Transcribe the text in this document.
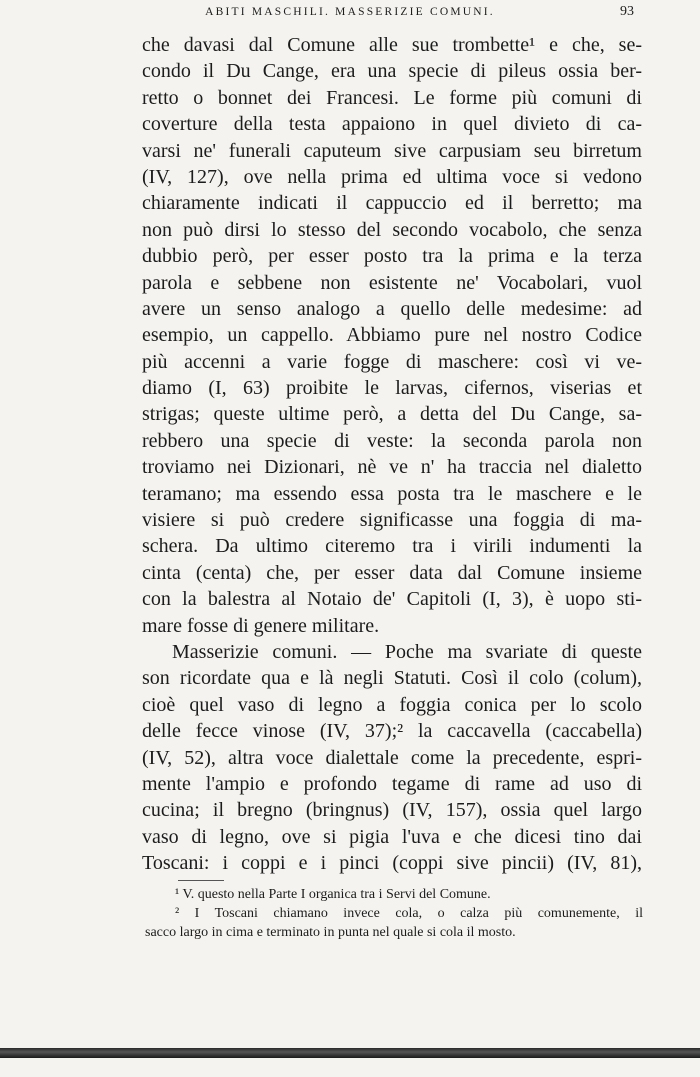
ABITI MASCHILI. MASSERIZIE COMUNI.	93
che davasi dal Comune alle sue trombette¹ e che, se-
condo il Du Cange, era una specie di pileus ossia ber-
retto o bonnet dei Francesi. Le forme più comuni di
coverture della testa appaiono in quel divieto di ca-
varsi ne' funerali caputeum sive carpusiam seu birretum
(IV, 127), ove nella prima ed ultima voce si vedono
chiaramente indicati il cappuccio ed il berretto; ma
non può dirsi lo stesso del secondo vocabolo, che senza
dubbio però, per esser posto tra la prima e la terza
parola e sebbene non esistente ne' Vocabolari, vuol
avere un senso analogo a quello delle medesime: ad
esempio, un cappello. Abbiamo pure nel nostro Codice
più accenni a varie fogge di maschere: così vi ve-
diamo (I, 63) proibite le larvas, cifernos, viserias et
strigas; queste ultime però, a detta del Du Cange, sa-
rebbero una specie di veste: la seconda parola non
troviamo nei Dizionari, nè ve n' ha traccia nel dialetto
teramano; ma essendo essa posta tra le maschere e le
visiere si può credere significasse una foggia di ma-
schera. Da ultimo citeremo tra i virili indumenti la
cinta (centa) che, per esser data dal Comune insieme
con la balestra al Notaio de' Capitoli (I, 3), è uopo sti-
mare fosse di genere militare.
Masserizie comuni. — Poche ma svariate di queste
son ricordate qua e là negli Statuti. Così il colo (colum),
cioè quel vaso di legno a foggia conica per lo scolo
delle fecce vinose (IV, 37);² la caccavella (caccabella)
(IV, 52), altra voce dialettale come la precedente, espri-
mente l'ampio e profondo tegame di rame ad uso di
cucina; il bregno (bringnus) (IV, 157), ossia quel largo
vaso di legno, ove si pigia l'uva e che dicesi tino dai
Toscani: i coppi e i pinci (coppi sive pincii) (IV, 81),
¹ V. questo nella Parte I organica tra i Servi del Comune.
² I Toscani chiamano invece cola, o calza più comunemente, il
sacco largo in cima e terminato in punta nel quale si cola il mosto.
